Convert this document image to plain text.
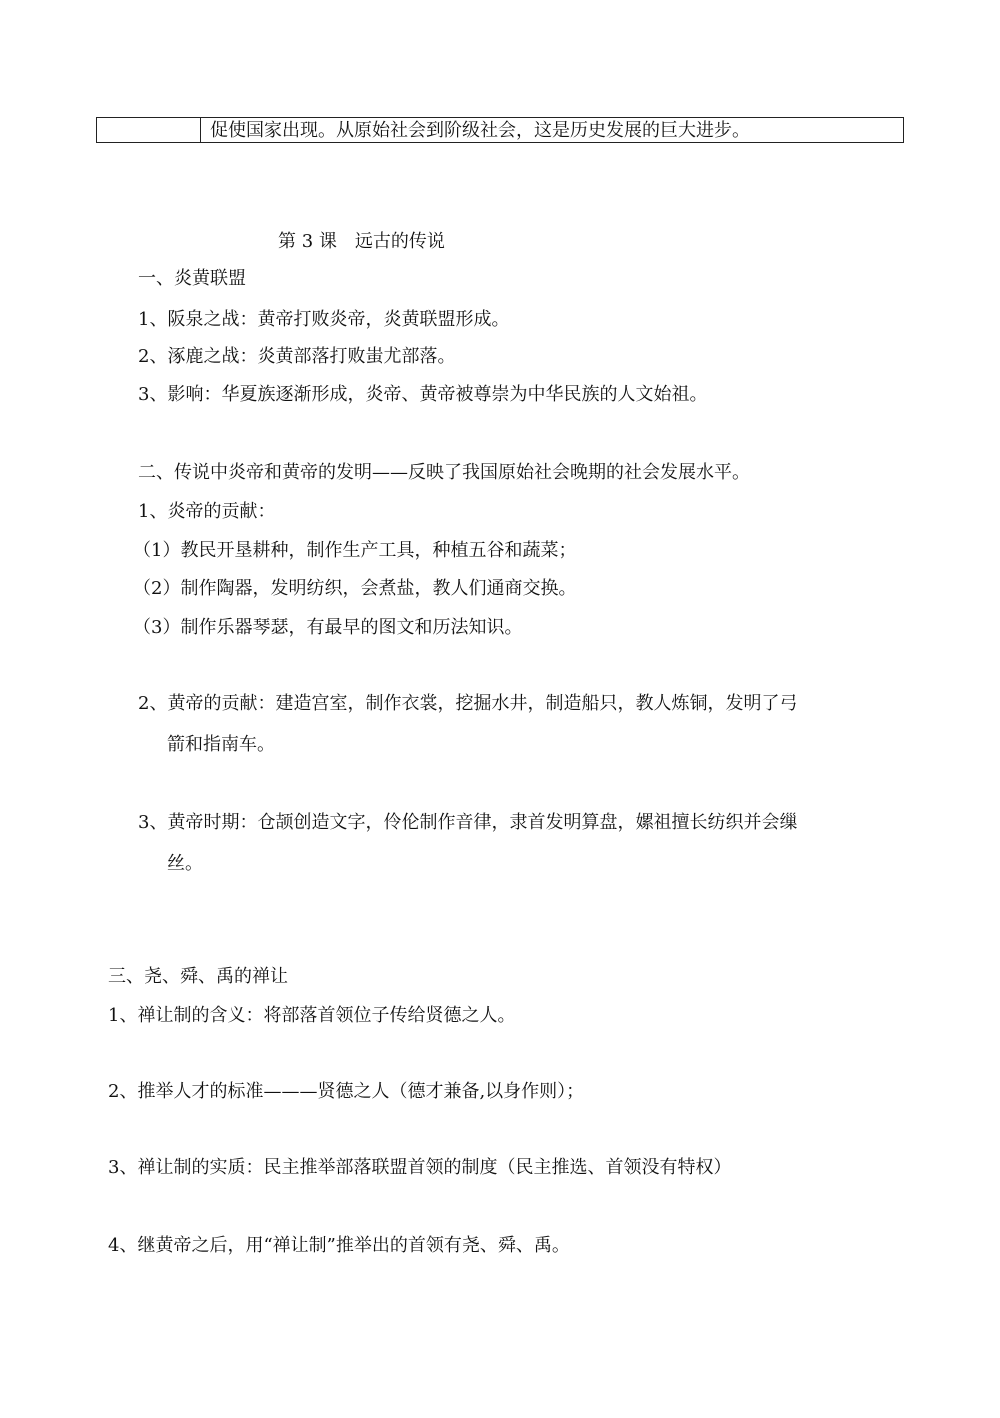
促使国家出现。从原始社会到阶级社会，这是历史发展的巨大进步。
第 3 课　远古的传说
一、炎黄联盟
1、阪泉之战：黄帝打败炎帝，炎黄联盟形成。
2、涿鹿之战：炎黄部落打败蚩尤部落。
3、影响：华夏族逐渐形成，炎帝、黄帝被尊崇为中华民族的人文始祖。
二、传说中炎帝和黄帝的发明——反映了我国原始社会晚期的社会发展水平。
1、炎帝的贡献：
（1）教民开垦耕种，制作生产工具，种植五谷和蔬菜；
（2）制作陶器，发明纺织，会煮盐，教人们通商交换。
（3）制作乐器琴瑟，有最早的图文和历法知识。
2、黄帝的贡献：建造宫室，制作衣裳，挖掘水井，制造船只，教人炼铜，发明了弓
箭和指南车。
3、黄帝时期：仓颉创造文字，伶伦制作音律，隶首发明算盘，嫘祖擅长纺织并会缫
丝。
三、尧、舜、禹的禅让
1、禅让制的含义：将部落首领位子传给贤德之人。
2、推举人才的标准———贤德之人（德才兼备,以身作则）；
3、禅让制的实质：民主推举部落联盟首领的制度（民主推选、首领没有特权）
4、继黄帝之后，用“禅让制”推举出的首领有尧、舜、禹。
